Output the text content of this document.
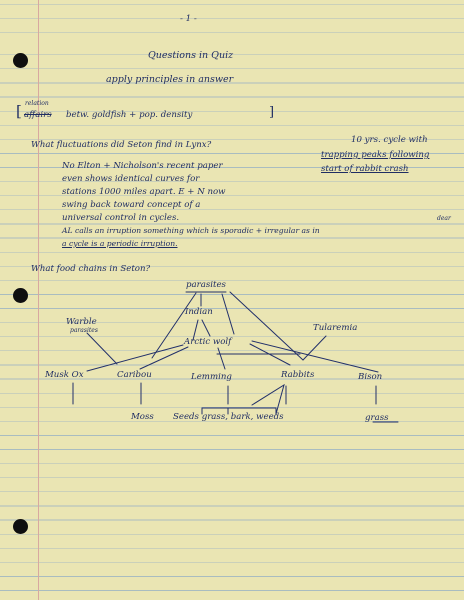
- 1 -
Questions in Quiz
apply principles in answer
[ relation
affairs betw. goldfish + pop. density	]
What fluctuations did Seton find in Lynx?	10 yrs. cycle with
trapping peaks following
start of rabbit crash
No Elton + Nicholson's recent paper
even shows identical curves for
stations 1000 miles apart. E + N now
swing back toward concept of a
universal control in cycles.	dear
AL calls an irruption something which is sporadic + irregular as in
a cycle is a periodic irruption.
What food chains in Seton?
parasites
Indian
Warble
parasites	Tularemia
Arctic wolf
Musk Ox	Caribou	Lemming	Rabbits	Bison
Moss Seeds grass, bark, weeds	grass
